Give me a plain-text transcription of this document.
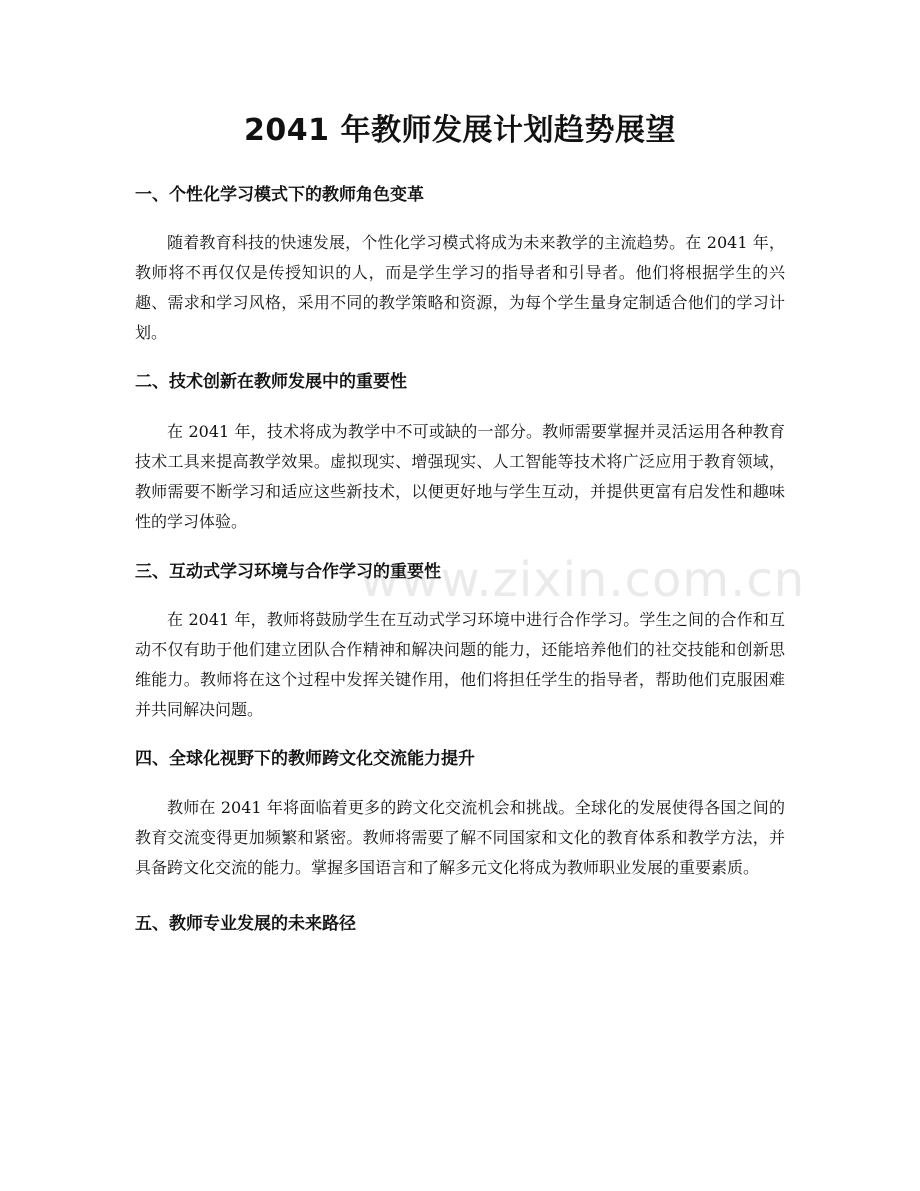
2041 年教师发展计划趋势展望
一、个性化学习模式下的教师角色变革

随着教育科技的快速发展，个性化学习模式将成为未来教学的主流趋势。在 2041 年，教师将不再仅仅是传授知识的人，而是学生学习的指导者和引导者。他们将根据学生的兴趣、需求和学习风格，采用不同的教学策略和资源，为每个学生量身定制适合他们的学习计划。

二、技术创新在教师发展中的重要性

在 2041 年，技术将成为教学中不可或缺的一部分。教师需要掌握并灵活运用各种教育技术工具来提高教学效果。虚拟现实、增强现实、人工智能等技术将广泛应用于教育领域，教师需要不断学习和适应这些新技术，以便更好地与学生互动，并提供更富有启发性和趣味性的学习体验。

三、互动式学习环境与合作学习的重要性

在 2041 年，教师将鼓励学生在互动式学习环境中进行合作学习。学生之间的合作和互动不仅有助于他们建立团队合作精神和解决问题的能力，还能培养他们的社交技能和创新思维能力。教师将在这个过程中发挥关键作用，他们将担任学生的指导者，帮助他们克服困难并共同解决问题。

四、全球化视野下的教师跨文化交流能力提升

教师在 2041 年将面临着更多的跨文化交流机会和挑战。全球化的发展使得各国之间的教育交流变得更加频繁和紧密。教师将需要了解不同国家和文化的教育体系和教学方法，并具备跨文化交流的能力。掌握多国语言和了解多元文化将成为教师职业发展的重要素质。

五、教师专业发展的未来路径
www.zixin.com.cn
